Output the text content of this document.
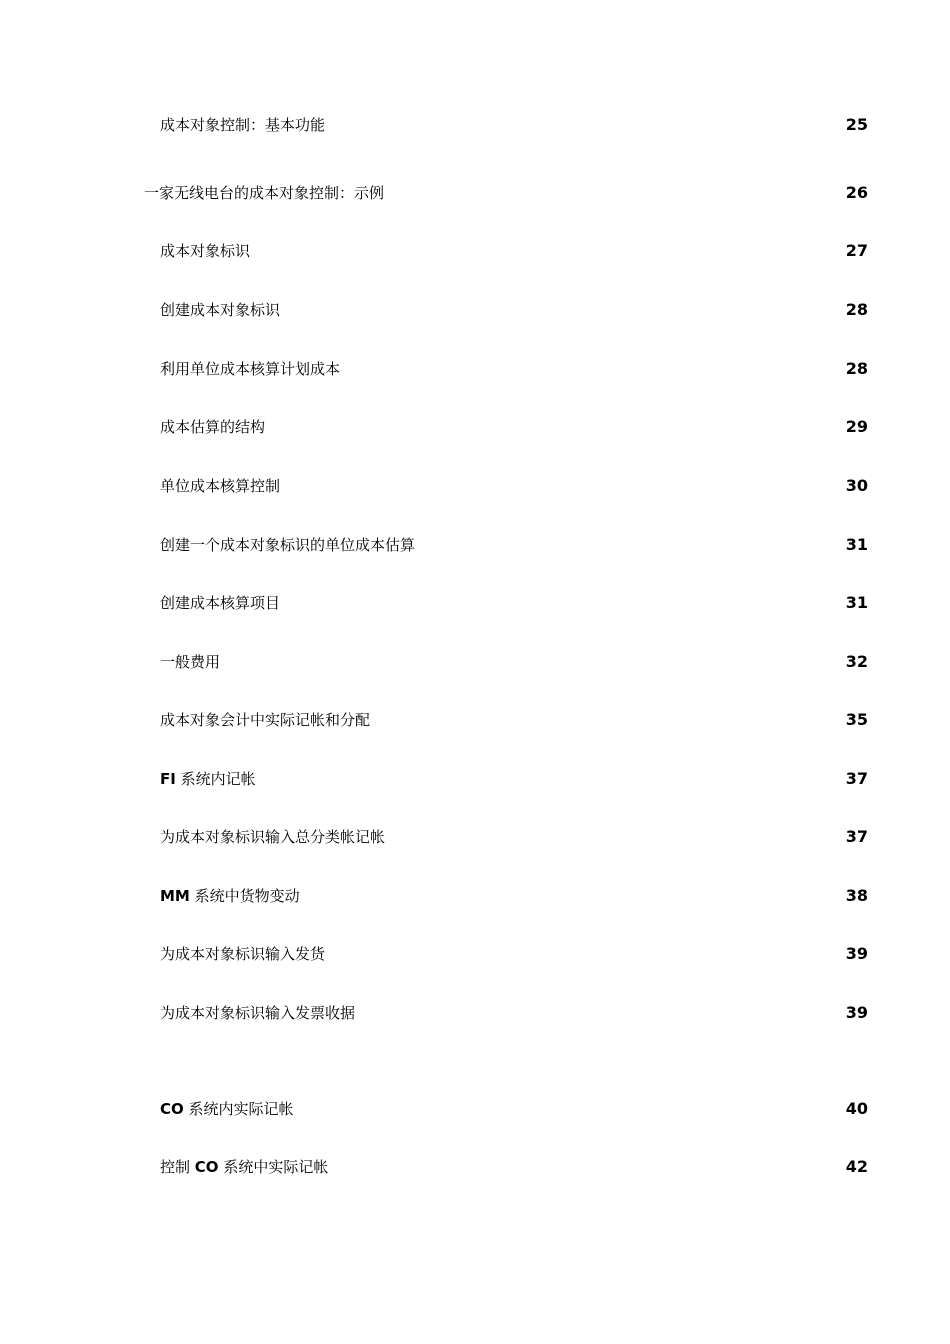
成本对象控制：基本功能	25
一家无线电台的成本对象控制：示例	26
成本对象标识	27
创建成本对象标识	28
利用单位成本核算计划成本	28
成本估算的结构	29
单位成本核算控制	30
创建一个成本对象标识的单位成本估算	31
创建成本核算项目	31
一般费用	32
成本对象会计中实际记帐和分配	35
FI 系统内记帐	37
为成本对象标识输入总分类帐记帐	37
MM 系统中货物变动	38
为成本对象标识输入发货	39
为成本对象标识输入发票收据	39
CO 系统内实际记帐	40
控制 CO 系统中实际记帐	42
